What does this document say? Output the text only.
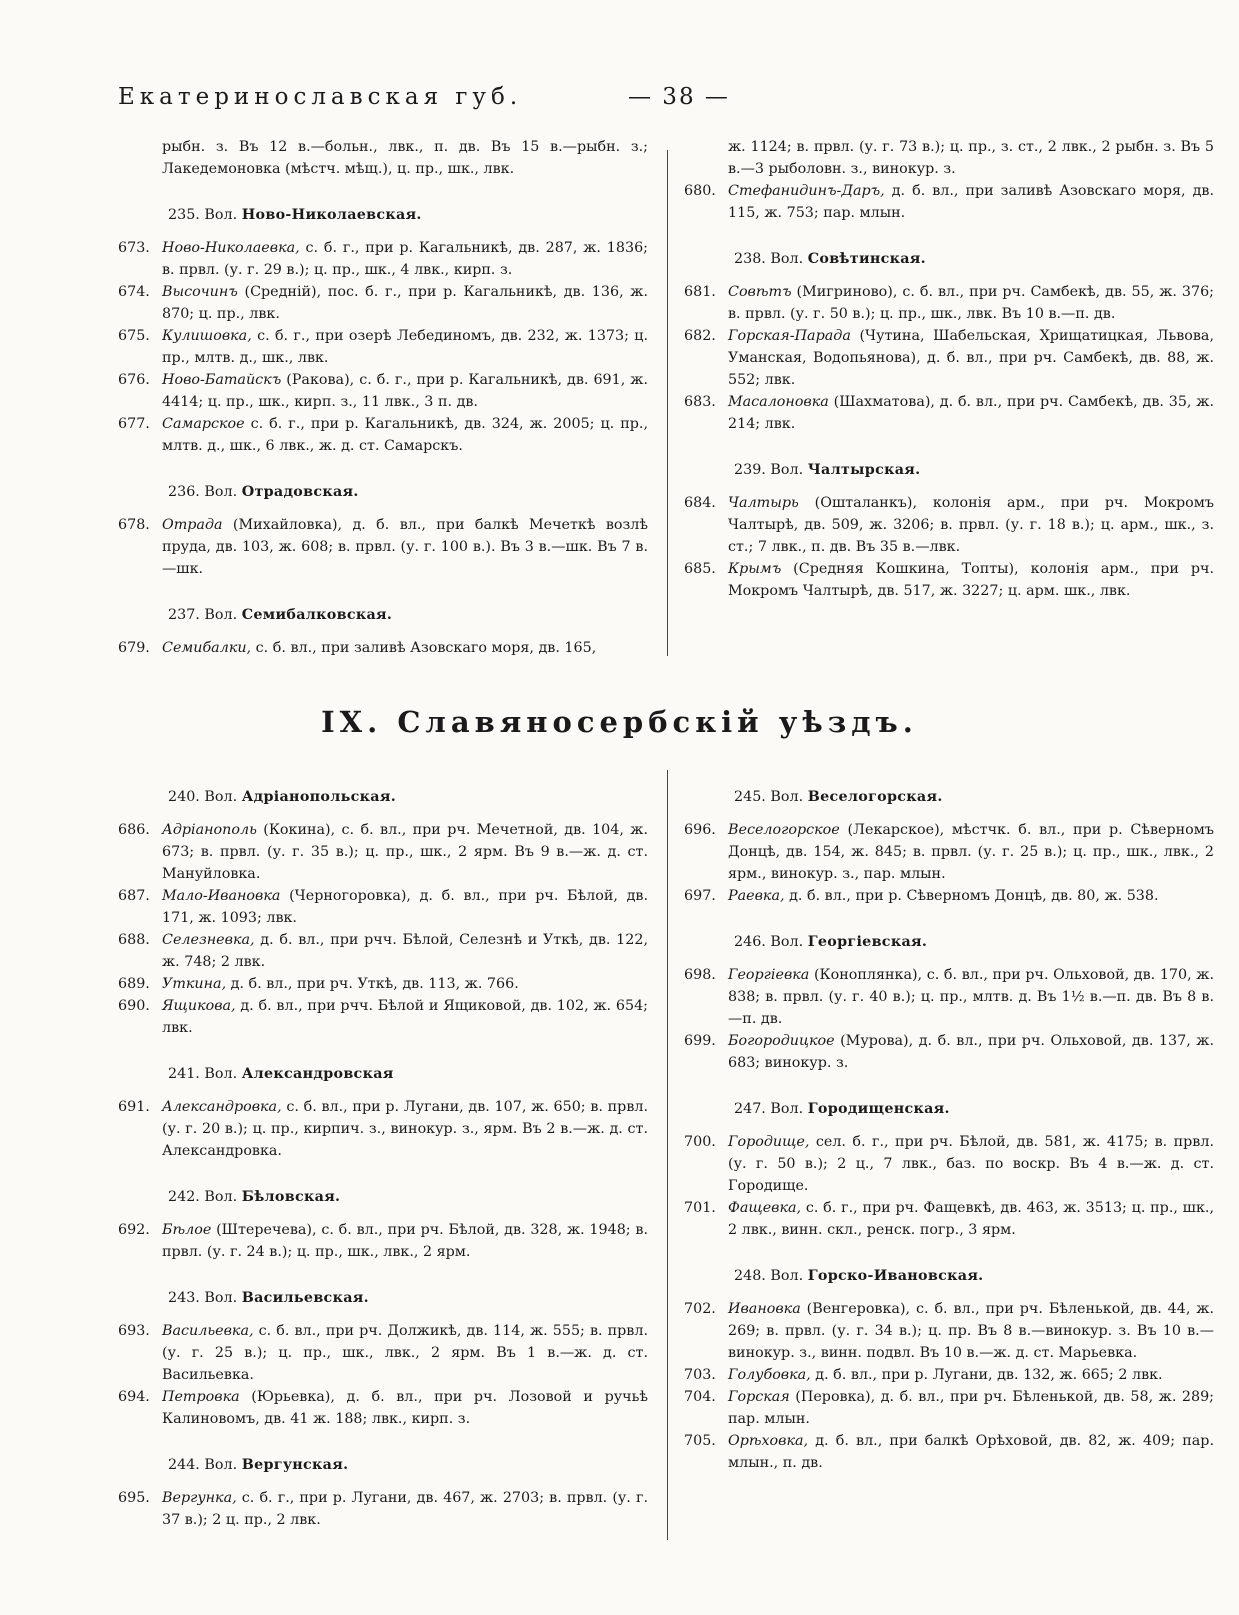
Екатеринославская губ.	— 38 —
рыбн. з. Въ 12 в.—больн., лвк., п. дв. Въ 15 в.—рыбн. з.; Лакедемоновка (мѣстч. мѣщ.), ц. пр., шк., лвк.
235. Вол. Ново-Николаевская.
673. Ново-Николаевка, с. б. г., при р. Кагальникѣ, дв. 287, ж. 1836; в. првл. (у. г. 29 в.); ц. пр., шк., 4 лвк., кирп. з.
674. Высочинъ (Средній), пос. б. г., при р. Кагальникѣ, дв. 136, ж. 870; ц. пр., лвк.
675. Кулишовка, с. б. г., при озерѣ Лебединомъ, дв. 232, ж. 1373; ц. пр., млтв. д., шк., лвк.
676. Ново-Батайскъ (Ракова), с. б. г., при р. Кагальникѣ, дв. 691, ж. 4414; ц. пр., шк., кирп. з., 11 лвк., 3 п. дв.
677. Самарское с. б. г., при р. Кагальникѣ, дв. 324, ж. 2005; ц. пр., млтв. д., шк., 6 лвк., ж. д. ст. Самарскъ.
236. Вол. Отрадовская.
678. Отрада (Михайловка), д. б. вл., при балкѣ Мечеткѣ возлѣ пруда, дв. 103, ж. 608; в. првл. (у. г. 100 в.). Въ 3 в.—шк. Въ 7 в.—шк.
237. Вол. Семибалковская.
679. Семибалки, с. б. вл., при заливѣ Азовскаго моря, дв. 165,
ж. 1124; в. првл. (у. г. 73 в.); ц. пр., з. ст., 2 лвк., 2 рыбн. з. Въ 5 в.—3 рыболовн. з., винокур. з.
680. Стефанидинъ-Даръ, д. б. вл., при заливѣ Азовскаго моря, дв. 115, ж. 753; пар. млын.
238. Вол. Совѣтинская.
681. Совѣтъ (Мигриново), с. б. вл., при рч. Самбекѣ, дв. 55, ж. 376; в. првл. (у. г. 50 в.); ц. пр., шк., лвк. Въ 10 в.—п. дв.
682. Горская-Парада (Чутина, Шабельская, Хрищатицкая, Львова, Уманская, Водопьянова), д. б. вл., при рч. Самбекѣ, дв. 88, ж. 552; лвк.
683. Масалоновка (Шахматова), д. б. вл., при рч. Самбекѣ, дв. 35, ж. 214; лвк.
239. Вол. Чалтырская.
684. Чалтырь (Ошталанкъ), колонія арм., при рч. Мокромъ Чалтырѣ, дв. 509, ж. 3206; в. првл. (у. г. 18 в.); ц. арм., шк., з. ст.; 7 лвк., п. дв. Въ 35 в.—лвк.
685. Крымъ (Средняя Кошкина, Топты), колонія арм., при рч. Мокромъ Чалтырѣ, дв. 517, ж. 3227; ц. арм. шк., лвк.
IX. Славяносербскій уѣздъ.
240. Вол. Адріанопольская.
686. Адріанополь (Кокина), с. б. вл., при рч. Мечетной, дв. 104, ж. 673; в. првл. (у. г. 35 в.); ц. пр., шк., 2 ярм. Въ 9 в.—ж. д. ст. Мануйловка.
687. Мало-Ивановка (Черногоровка), д. б. вл., при рч. Бѣлой, дв. 171, ж. 1093; лвк.
688. Селезневка, д. б. вл., при рчч. Бѣлой, Селезнѣ и Уткѣ, дв. 122, ж. 748; 2 лвк.
689. Уткина, д. б. вл., при рч. Уткѣ, дв. 113, ж. 766.
690. Ящикова, д. б. вл., при рчч. Бѣлой и Ящиковой, дв. 102, ж. 654; лвк.
241. Вол. Александровская
691. Александровка, с. б. вл., при р. Лугани, дв. 107, ж. 650; в. првл. (у. г. 20 в.); ц. пр., кирпич. з., винокур. з., ярм. Въ 2 в.—ж. д. ст. Александровка.
242. Вол. Бѣловская.
692. Бѣлое (Штеречева), с. б. вл., при рч. Бѣлой, дв. 328, ж. 1948; в. првл. (у. г. 24 в.); ц. пр., шк., лвк., 2 ярм.
243. Вол. Васильевская.
693. Васильевка, с. б. вл., при рч. Должикѣ, дв. 114, ж. 555; в. првл. (у. г. 25 в.); ц. пр., шк., лвк., 2 ярм. Въ 1 в.—ж. д. ст. Васильевка.
694. Петровка (Юрьевка), д. б. вл., при рч. Лозовой и ручьѣ Калиновомъ, дв. 41 ж. 188; лвк., кирп. з.
244. Вол. Вергунская.
695. Вергунка, с. б. г., при р. Лугани, дв. 467, ж. 2703; в. првл. (у. г. 37 в.); 2 ц. пр., 2 лвк.
245. Вол. Веселогорская.
696. Веселогорское (Лекарское), мѣстчк. б. вл., при р. Сѣверномъ Донцѣ, дв. 154, ж. 845; в. првл. (у. г. 25 в.); ц. пр., шк., лвк., 2 ярм., винокур. з., пар. млын.
697. Раевка, д. б. вл., при р. Сѣверномъ Донцѣ, дв. 80, ж. 538.
246. Вол. Георгіевская.
698. Георгіевка (Коноплянка), с. б. вл., при рч. Ольховой, дв. 170, ж. 838; в. првл. (у. г. 40 в.); ц. пр., млтв. д. Въ 1½ в.—п. дв. Въ 8 в.—п. дв.
699. Богородицкое (Мурова), д. б. вл., при рч. Ольховой, дв. 137, ж. 683; винокур. з.
247. Вол. Городищенская.
700. Городище, сел. б. г., при рч. Бѣлой, дв. 581, ж. 4175; в. првл. (у. г. 50 в.); 2 ц., 7 лвк., баз. по воскр. Въ 4 в.—ж. д. ст. Городище.
701. Фащевка, с. б. г., при рч. Фащевкѣ, дв. 463, ж. 3513; ц. пр., шк., 2 лвк., винн. скл., ренск. погр., 3 ярм.
248. Вол. Горско-Ивановская.
702. Ивановка (Венгеровка), с. б. вл., при рч. Бѣленькой, дв. 44, ж. 269; в. првл. (у. г. 34 в.); ц. пр. Въ 8 в.—винокур. з. Въ 10 в.—винокур. з., винн. подвл. Въ 10 в.—ж. д. ст. Марьевка.
703. Голубовка, д. б. вл., при р. Лугани, дв. 132, ж. 665; 2 лвк.
704. Горская (Перовка), д. б. вл., при рч. Бѣленькой, дв. 58, ж. 289; пар. млын.
705. Орѣховка, д. б. вл., при балкѣ Орѣховой, дв. 82, ж. 409; пар. млын., п. дв.
